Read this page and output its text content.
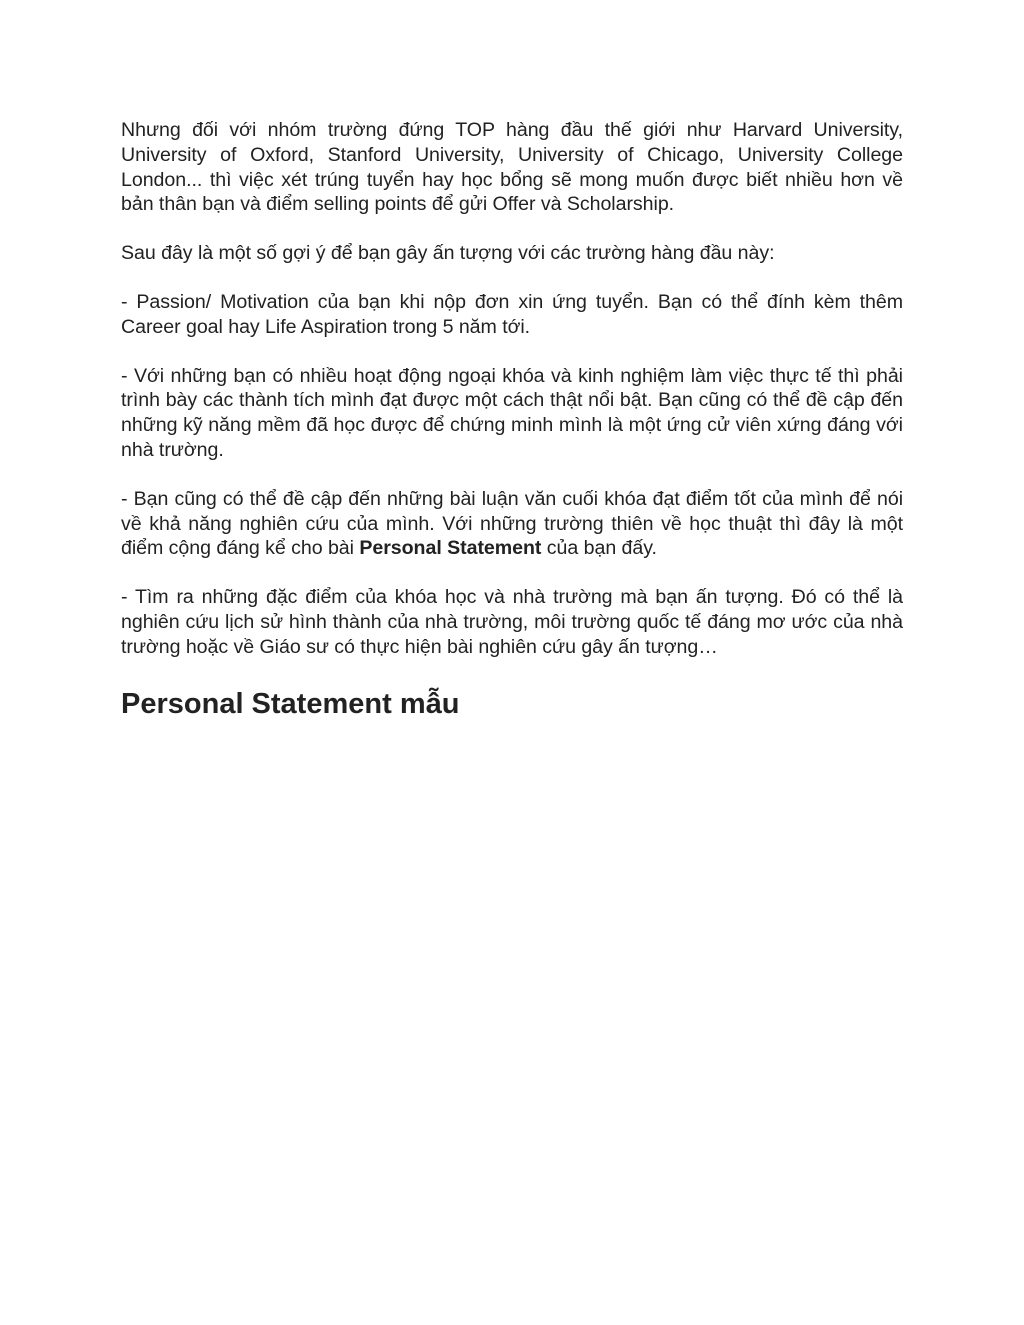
Nhưng đối với nhóm trường đứng TOP hàng đầu thế giới như Harvard University, University of Oxford, Stanford University, University of Chicago, University College London... thì việc xét trúng tuyển hay học bổng sẽ mong muốn được biết nhiều hơn về bản thân bạn và điểm selling points để gửi Offer và Scholarship.

Sau đây là một số gợi ý để bạn gây ấn tượng với các trường hàng đầu này:

- Passion/ Motivation của bạn khi nộp đơn xin ứng tuyển. Bạn có thể đính kèm thêm Career goal hay Life Aspiration trong 5 năm tới.

- Với những bạn có nhiều hoạt động ngoại khóa và kinh nghiệm làm việc thực tế thì phải trình bày các thành tích mình đạt được một cách thật nổi bật. Bạn cũng có thể đề cập đến những kỹ năng mềm đã học được để chứng minh mình là một ứng cử viên xứng đáng với nhà trường.

- Bạn cũng có thể đề cập đến những bài luận văn cuối khóa đạt điểm tốt của mình để nói về khả năng nghiên cứu của mình. Với những trường thiên về học thuật thì đây là một điểm cộng đáng kể cho bài Personal Statement của bạn đấy.

- Tìm ra những đặc điểm của khóa học và nhà trường mà bạn ấn tượng. Đó có thể là nghiên cứu lịch sử hình thành của nhà trường, môi trường quốc tế đáng mơ ước của nhà trường hoặc về Giáo sư có thực hiện bài nghiên cứu gây ấn tượng…

Personal Statement mẫu
